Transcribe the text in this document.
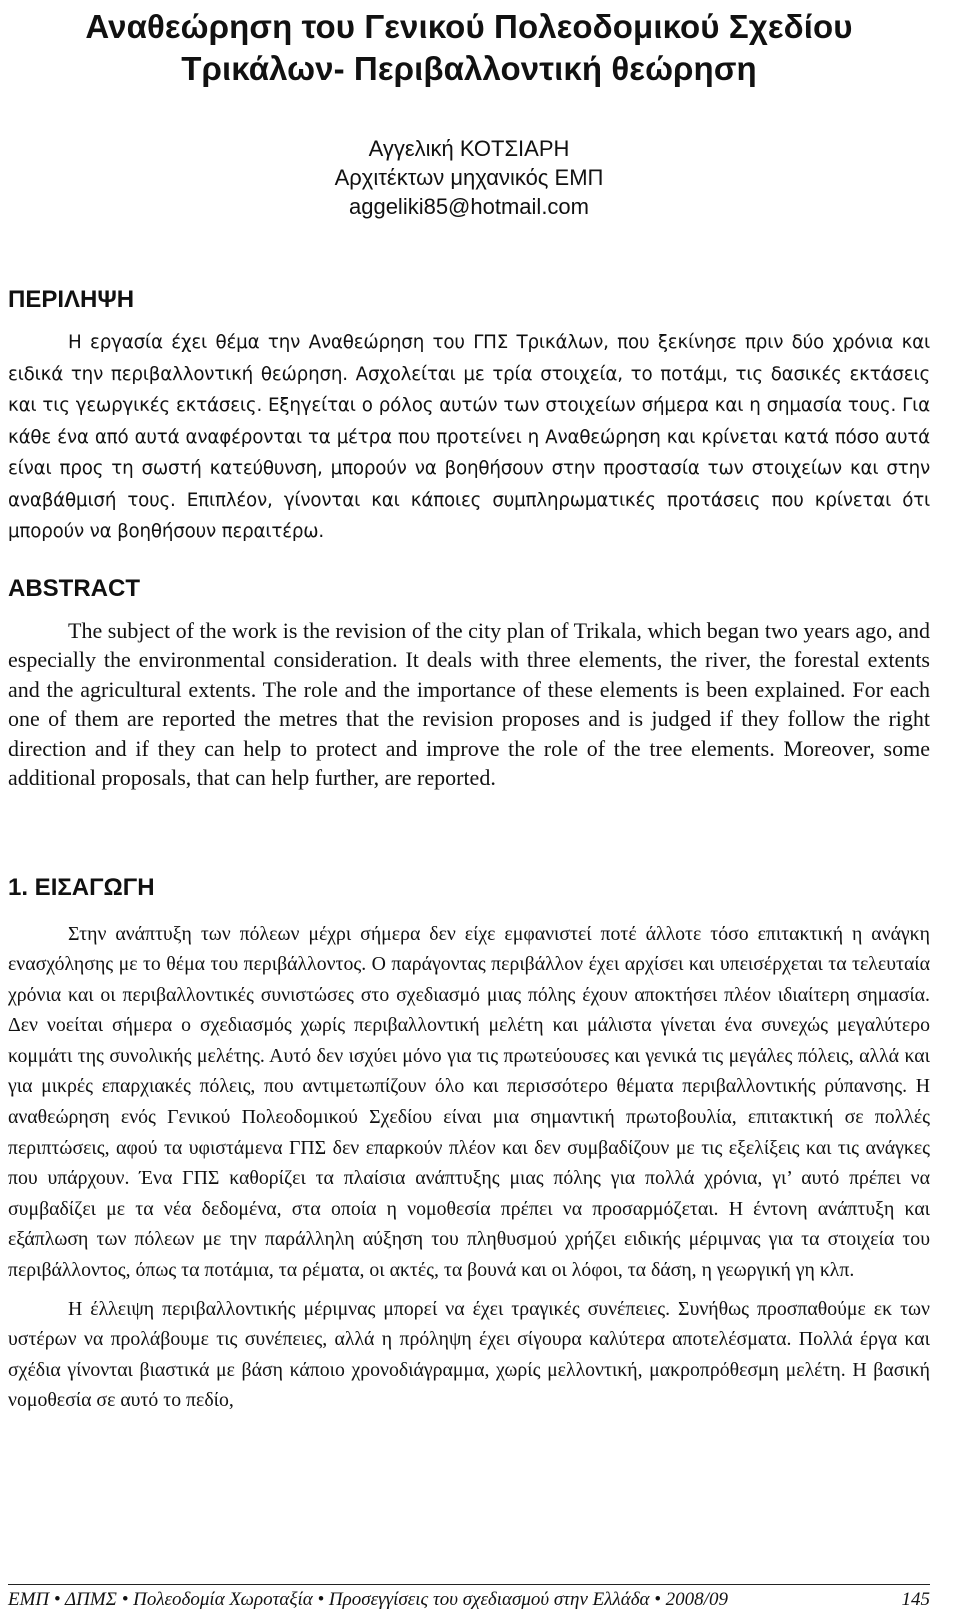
Αναθεώρηση του Γενικού Πολεοδομικού Σχεδίου
Τρικάλων- Περιβαλλοντική θεώρηση
Αγγελική ΚΟΤΣΙΑΡΗ
Αρχιτέκτων μηχανικός ΕΜΠ
aggeliki85@hotmail.com
ΠΕΡΙΛΗΨΗ

Η εργασία έχει θέμα την Αναθεώρηση του ΓΠΣ Τρικάλων, που ξεκίνησε πριν δύο χρόνια και ειδικά την περιβαλλοντική θεώρηση. Ασχολείται με τρία στοιχεία, το ποτάμι, τις δασικές εκτάσεις και τις γεωργικές εκτάσεις. Εξηγείται ο ρόλος αυτών των στοιχείων σήμερα και η σημασία τους. Για κάθε ένα από αυτά αναφέρονται τα μέτρα που προτείνει η Αναθεώρηση και κρίνεται κατά πόσο αυτά είναι προς τη σωστή κατεύθυνση, μπορούν να βοηθήσουν στην προστασία των στοιχείων και στην αναβάθμισή τους. Επιπλέον, γίνονται και κάποιες συμπληρωματικές προτάσεις που κρίνεται ότι μπορούν να βοηθήσουν περαιτέρω.

ABSTRACT

The subject of the work is the revision of the city plan of Trikala, which began two years ago, and especially the environmental consideration. It deals with three elements, the river, the forestal extents and the agricultural extents. The role and the importance of these elements is been explained. For each one of them are reported the metres that the revision proposes and is judged if they follow the right direction and if they can help to protect and improve the role of the tree elements. Moreover, some additional proposals, that can help further, are reported.

1. ΕΙΣΑΓΩΓΗ

Στην ανάπτυξη των πόλεων μέχρι σήμερα δεν είχε εμφανιστεί ποτέ άλλοτε τόσο επιτακτική η ανάγκη ενασχόλησης με το θέμα του περιβάλλοντος. Ο παράγοντας περιβάλλον έχει αρχίσει και υπεισέρχεται τα τελευταία χρόνια και οι περιβαλλοντικές συνιστώσες στο σχεδιασμό μιας πόλης έχουν αποκτήσει πλέον ιδιαίτερη σημασία. Δεν νοείται σήμερα ο σχεδιασμός χωρίς περιβαλλοντική μελέτη και μάλιστα γίνεται ένα συνεχώς μεγαλύτερο κομμάτι της συνολικής μελέτης. Αυτό δεν ισχύει μόνο για τις πρωτεύουσες και γενικά τις μεγάλες πόλεις, αλλά και για μικρές επαρχιακές πόλεις, που αντιμετωπίζουν όλο και περισσότερο θέματα περιβαλλοντικής ρύπανσης. Η αναθεώρηση ενός Γενικού Πολεοδομικού Σχεδίου είναι μια σημαντική πρωτοβουλία, επιτακτική σε πολλές περιπτώσεις, αφού τα υφιστάμενα ΓΠΣ δεν επαρκούν πλέον και δεν συμβαδίζουν με τις εξελίξεις και τις ανάγκες που υπάρχουν. Ένα ΓΠΣ καθορίζει τα πλαίσια ανάπτυξης μιας πόλης για πολλά χρόνια, γι’ αυτό πρέπει να συμβαδίζει με τα νέα δεδομένα, στα οποία η νομοθεσία πρέπει να προσαρμόζεται. Η έντονη ανάπτυξη και εξάπλωση των πόλεων με την παράλληλη αύξηση του πληθυσμού χρήζει ειδικής μέριμνας για τα στοιχεία του περιβάλλοντος, όπως τα ποτάμια, τα ρέματα, οι ακτές, τα βουνά και οι λόφοι, τα δάση, η γεωργική γη κλπ.

Η έλλειψη περιβαλλοντικής μέριμνας μπορεί να έχει τραγικές συνέπειες. Συνήθως προσπαθούμε εκ των υστέρων να προλάβουμε τις συνέπειες, αλλά η πρόληψη έχει σίγουρα καλύτερα αποτελέσματα. Πολλά έργα και σχέδια γίνονται βιαστικά με βάση κάποιο χρονοδιάγραμμα, χωρίς μελλοντική, μακροπρόθεσμη μελέτη. Η βασική νομοθεσία σε αυτό το πεδίο,

ΕΜΠ • ΔΠΜΣ • Πολεοδομία Χωροταξία • Προσεγγίσεις του σχεδιασμού στην Ελλάδα • 2008/09	145
